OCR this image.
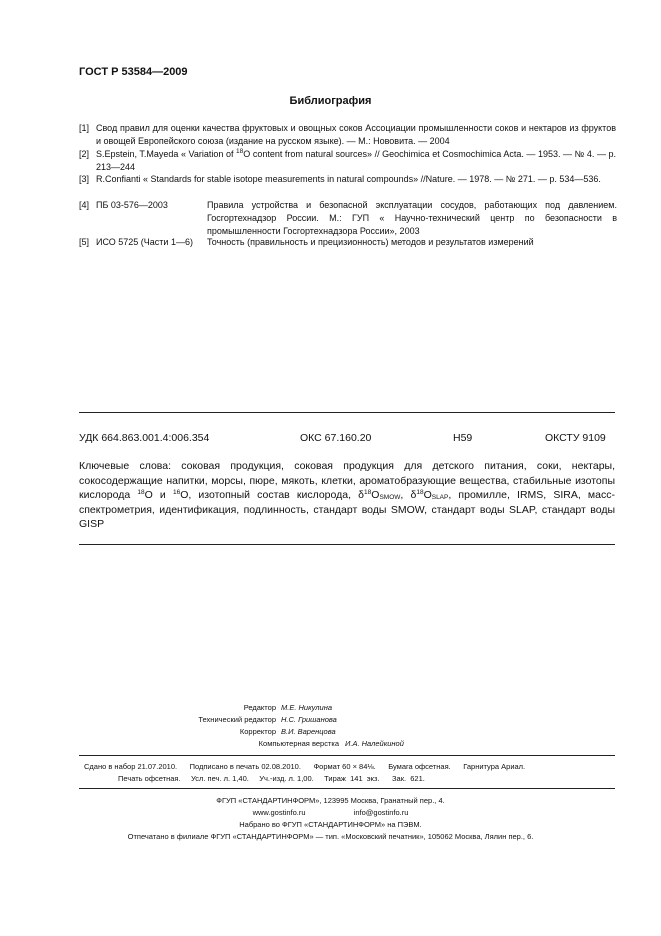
ГОСТ Р 53584—2009
Библиография
[1] Свод правил для оценки качества фруктовых и овощных соков Ассоциации промышленности соков и нектаров из фруктов и овощей Европейского союза (издание на русском языке). — М.: Нововита. — 2004
[2] S.Epstein, T.Mayeda « Variation of $^{18}$O content from natural sources» // Geochimica et Cosmochimica Acta. — 1953. — № 4. — p. 213—244
[3] R.Confianti « Standards for stable isotope measurements in natural compounds» //Nature. — 1978. — № 271. — p. 534—536.
[4] ПБ 03-576—2003	Правила устройства и безопасной эксплуатации сосудов, работающих под давлением. Госгортехнадзор России. М.: ГУП « Научно-технический центр по безопасности в промышленности Госгортехнадзора России», 2003
[5] ИСО 5725 (Части 1—6) Точность (правильность и прецизионность) методов и результатов измерений
УДК 664.863.001.4:006.354	ОКС 67.160.20	Н59	ОКСТУ 9109
Ключевые слова: соковая продукция, соковая продукция для детского питания, соки, нектары, сокосодержащие напитки, морсы, пюре, мякоть, клетки, ароматобразующие вещества, стабильные изотопы кислорода $^{18}$O и $^{16}$O, изотопный состав кислорода, $\delta^{18}O_{SMOW}$, $\delta^{18}O_{SLAP}$, промилле, IRMS, SIRA, масс-спектрометрия, идентификация, подлинность, стандарт воды SMOW, стандарт воды SLAP, стандарт воды GISP
Редактор М.Е. Никулина
Технический редактор Н.С. Гришанова
Корректор В.И. Варенцова
Компьютерная верстка И.А. Налейкиной
Сдано в набор 21.07.2010.      Подписано в печать 02.08.2010.      Формат 60 × 84⅛.      Бумага офсетная.      Гарнитура Ариал.
Печать офсетная.     Усл. печ. л. 1,40.     Уч.-изд. л. 1,00.     Тираж  141  экз.      Зак.  621.
ФГУП «СТАНДАРТИНФОРМ», 123995 Москва, Гранатный пер., 4.
www.gostinfo.ru	info@gostinfo.ru
Набрано во ФГУП «СТАНДАРТИНФОРМ» на ПЭВМ.
Отпечатано в филиале ФГУП «СТАНДАРТИНФОРМ» — тип. «Московский печатник», 105062 Москва, Лялин пер., 6.
